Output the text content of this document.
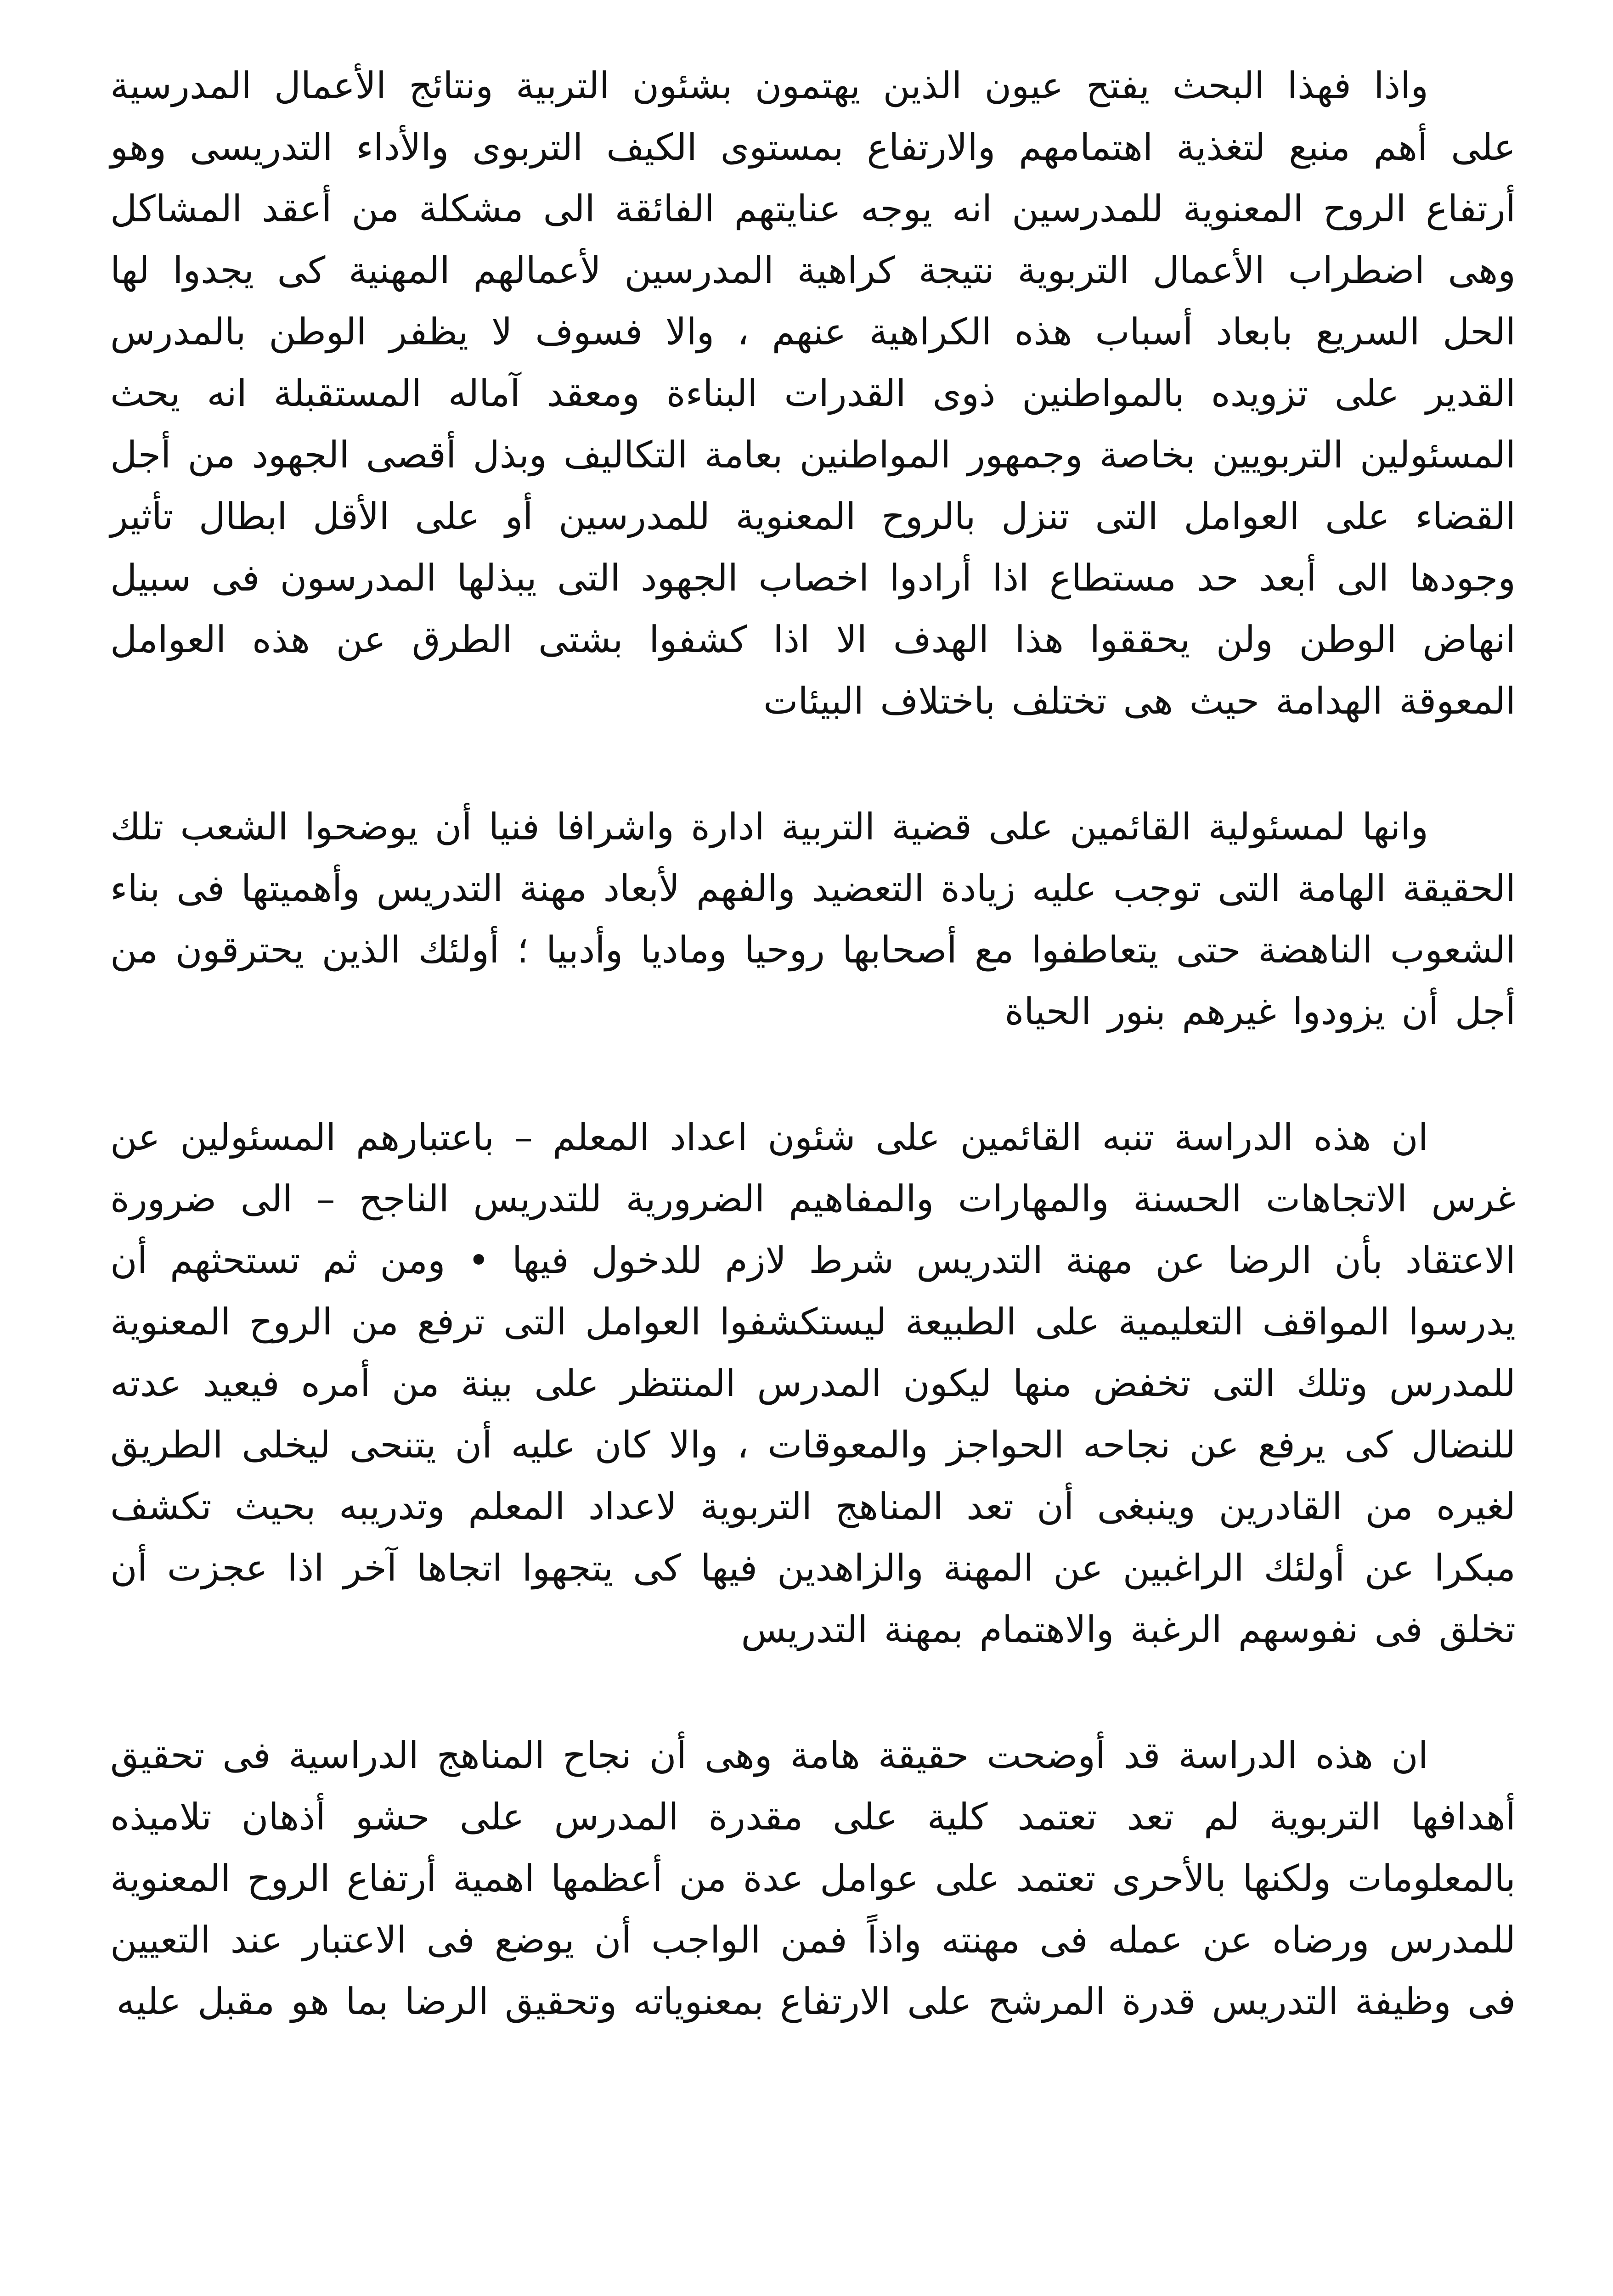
واذا فهذا البحث يفتح عيون الذين يهتمون بشئون التربية ونتائج الأعمال المدرسية على أهم منبع لتغذية اهتمامهم والارتفاع بمستوى الكيف التربوى والأداء التدريسى وهو أرتفاع الروح المعنوية للمدرسين انه يوجه عنايتهم الفائقة الى مشكلة من أعقد المشاكل وهى اضطراب الأعمال التربوية نتيجة كراهية المدرسين لأعمالهم المهنية كى يجدوا لها الحل السريع بابعاد أسباب هذه الكراهية عنهم ، والا فسوف لا يظفر الوطن بالمدرس القدير على تزويده بالمواطنين ذوى القدرات البناءة ومعقد آماله المستقبلة انه يحث المسئولين التربويين بخاصة وجمهور المواطنين بعامة التكاليف وبذل أقصى الجهود من أجل القضاء على العوامل التى تنزل بالروح المعنوية للمدرسين أو على الأقل ابطال تأثير وجودها الى أبعد حد مستطاع اذا أرادوا اخصاب الجهود التى يبذلها المدرسون فى سبيل انهاض الوطن ولن يحققوا هذا الهدف الا اذا كشفوا بشتى الطرق عن هذه العوامل المعوقة الهدامة حيث هى تختلف باختلاف البيئات

وانها لمسئولية القائمين على قضية التربية ادارة واشرافا فنيا أن يوضحوا الشعب تلك الحقيقة الهامة التى توجب عليه زيادة التعضيد والفهم لأبعاد مهنة التدريس وأهميتها فى بناء الشعوب الناهضة حتى يتعاطفوا مع أصحابها روحيا وماديا وأدبيا ؛ أولئك الذين يحترقون من أجل أن يزودوا غيرهم بنور الحياة

ان هذه الدراسة تنبه القائمين على شئون اعداد المعلم – باعتبارهم المسئولين عن غرس الاتجاهات الحسنة والمهارات والمفاهيم الضرورية للتدريس الناجح – الى ضرورة الاعتقاد بأن الرضا عن مهنة التدريس شرط لازم للدخول فيها • ومن ثم تستحثهم أن يدرسوا المواقف التعليمية على الطبيعة ليستكشفوا العوامل التى ترفع من الروح المعنوية للمدرس وتلك التى تخفض منها ليكون المدرس المنتظر على بينة من أمره فيعيد عدته للنضال كى يرفع عن نجاحه الحواجز والمعوقات ، والا كان عليه أن يتنحى ليخلى الطريق لغيره من القادرين وينبغى أن تعد المناهج التربوية لاعداد المعلم وتدريبه بحيث تكشف مبكرا عن أولئك الراغبين عن المهنة والزاهدين فيها كى يتجهوا اتجاها آخر اذا عجزت أن تخلق فى نفوسهم الرغبة والاهتمام بمهنة التدريس

ان هذه الدراسة قد أوضحت حقيقة هامة وهى أن نجاح المناهج الدراسية فى تحقيق أهدافها التربوية لم تعد تعتمد كلية على مقدرة المدرس على حشو أذهان تلاميذه بالمعلومات ولكنها بالأحرى تعتمد على عوامل عدة من أعظمها اهمية أرتفاع الروح المعنوية للمدرس ورضاه عن عمله فى مهنته واذاً فمن الواجب أن يوضع فى الاعتبار عند التعيين فى وظيفة التدريس قدرة المرشح على الارتفاع بمعنوياته وتحقيق الرضا بما هو مقبل عليه
